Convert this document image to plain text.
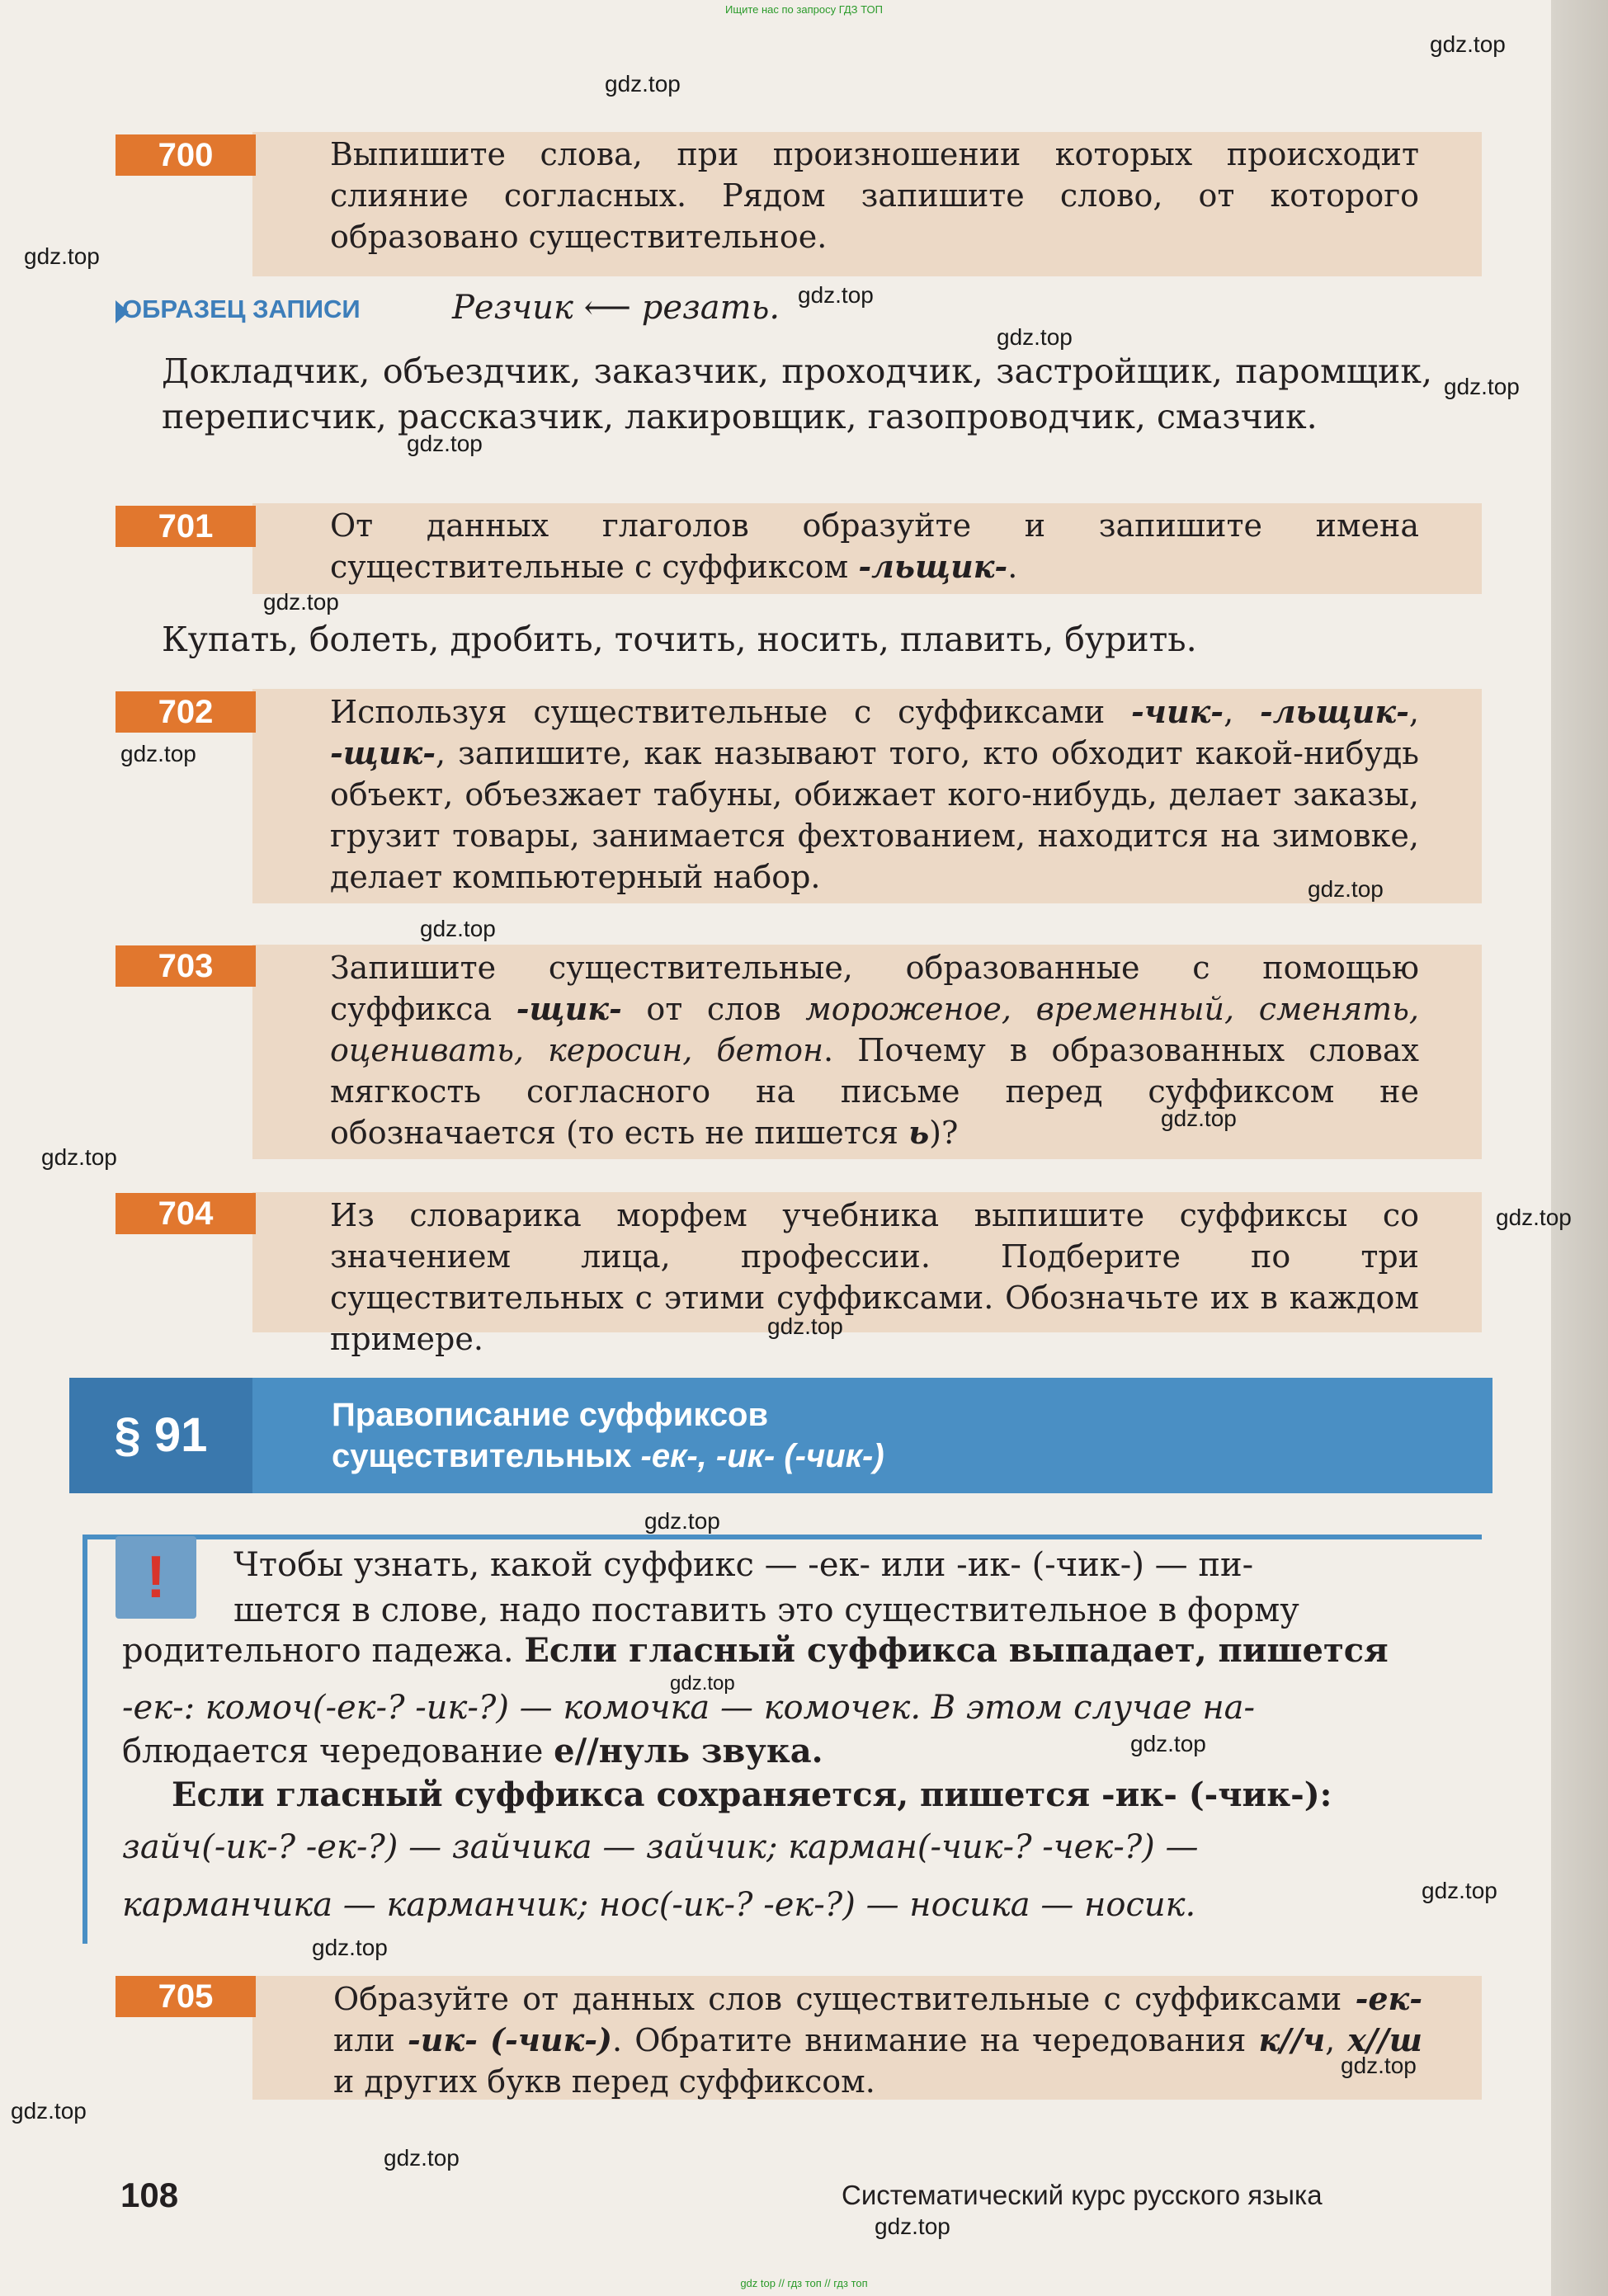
Ищите нас по запросу ГДЗ ТОП
700	Выпишите слова, при произношении которых происходит слияние согласных. Рядом запишите слово, от которого образовано существительное.
ОБРАЗЕЦ ЗАПИСИ	Резчик ⟵ резать.
Докладчик, объездчик, заказчик, проходчик, застройщик, паромщик, переписчик, рассказчик, лакировщик, газопроводчик, смазчик.
701	От данных глаголов образуйте и запишите имена существительные с суффиксом -льщик-.
Купать, болеть, дробить, точить, носить, плавить, бурить.
702	Используя существительные с суффиксами -чик-, -льщик-, -щик-, запишите, как называют того, кто обходит какой-нибудь объект, объезжает табуны, обижает кого-нибудь, делает заказы, грузит товары, занимается фехтованием, находится на зимовке, делает компьютерный набор.
703	Запишите существительные, образованные с помощью суффикса -щик- от слов мороженое, временный, сменять, оценивать, керосин, бетон. Почему в образованных словах мягкость согласного на письме перед суффиксом не обозначается (то есть не пишется ь)?
704	Из словарика морфем учебника выпишите суффиксы со значением лица, профессии. Подберите по три существительных с этими суффиксами. Обозначьте их в каждом примере.
§ 91	Правописание суффиксов
существительных -ек-, -ик- (-чик-)
!	Чтобы узнать, какой суффикс — -ек- или -ик- (-чик-) — пи-
шется в слове, надо поставить это существительное в форму
родительного падежа. Если гласный суффикса выпадает, пишется
-ек-: комоч(-ек-? -ик-?) — комочка — комочек. В этом случае на-
блюдается чередование е//нуль звука.
Если гласный суффикса сохраняется, пишется -ик- (-чик-):
зайч(-ик-? -ек-?) — зайчика — зайчик; карман(-чик-? -чек-?) —
карманчика — карманчик; нос(-ик-? -ек-?) — носика — носик.
705	Образуйте от данных слов существительные с суффиксами -ек- или -ик- (-чик-). Обратите внимание на чередования к//ч, х//ш и других букв перед суффиксом.
108	Систематический курс русского языка
gdz.top
gdz.top
gdz.top
gdz.top
gdz.top
gdz.top
gdz.top
gdz.top
gdz.top
gdz.top
gdz.top
gdz.top
gdz.top
gdz.top
gdz.top
gdz.top
gdz.top
gdz.top
gdz.top
gdz.top
gdz.top
gdz.top
gdz.top
gdz.top
gdz top // гдз топ // гдз топ
